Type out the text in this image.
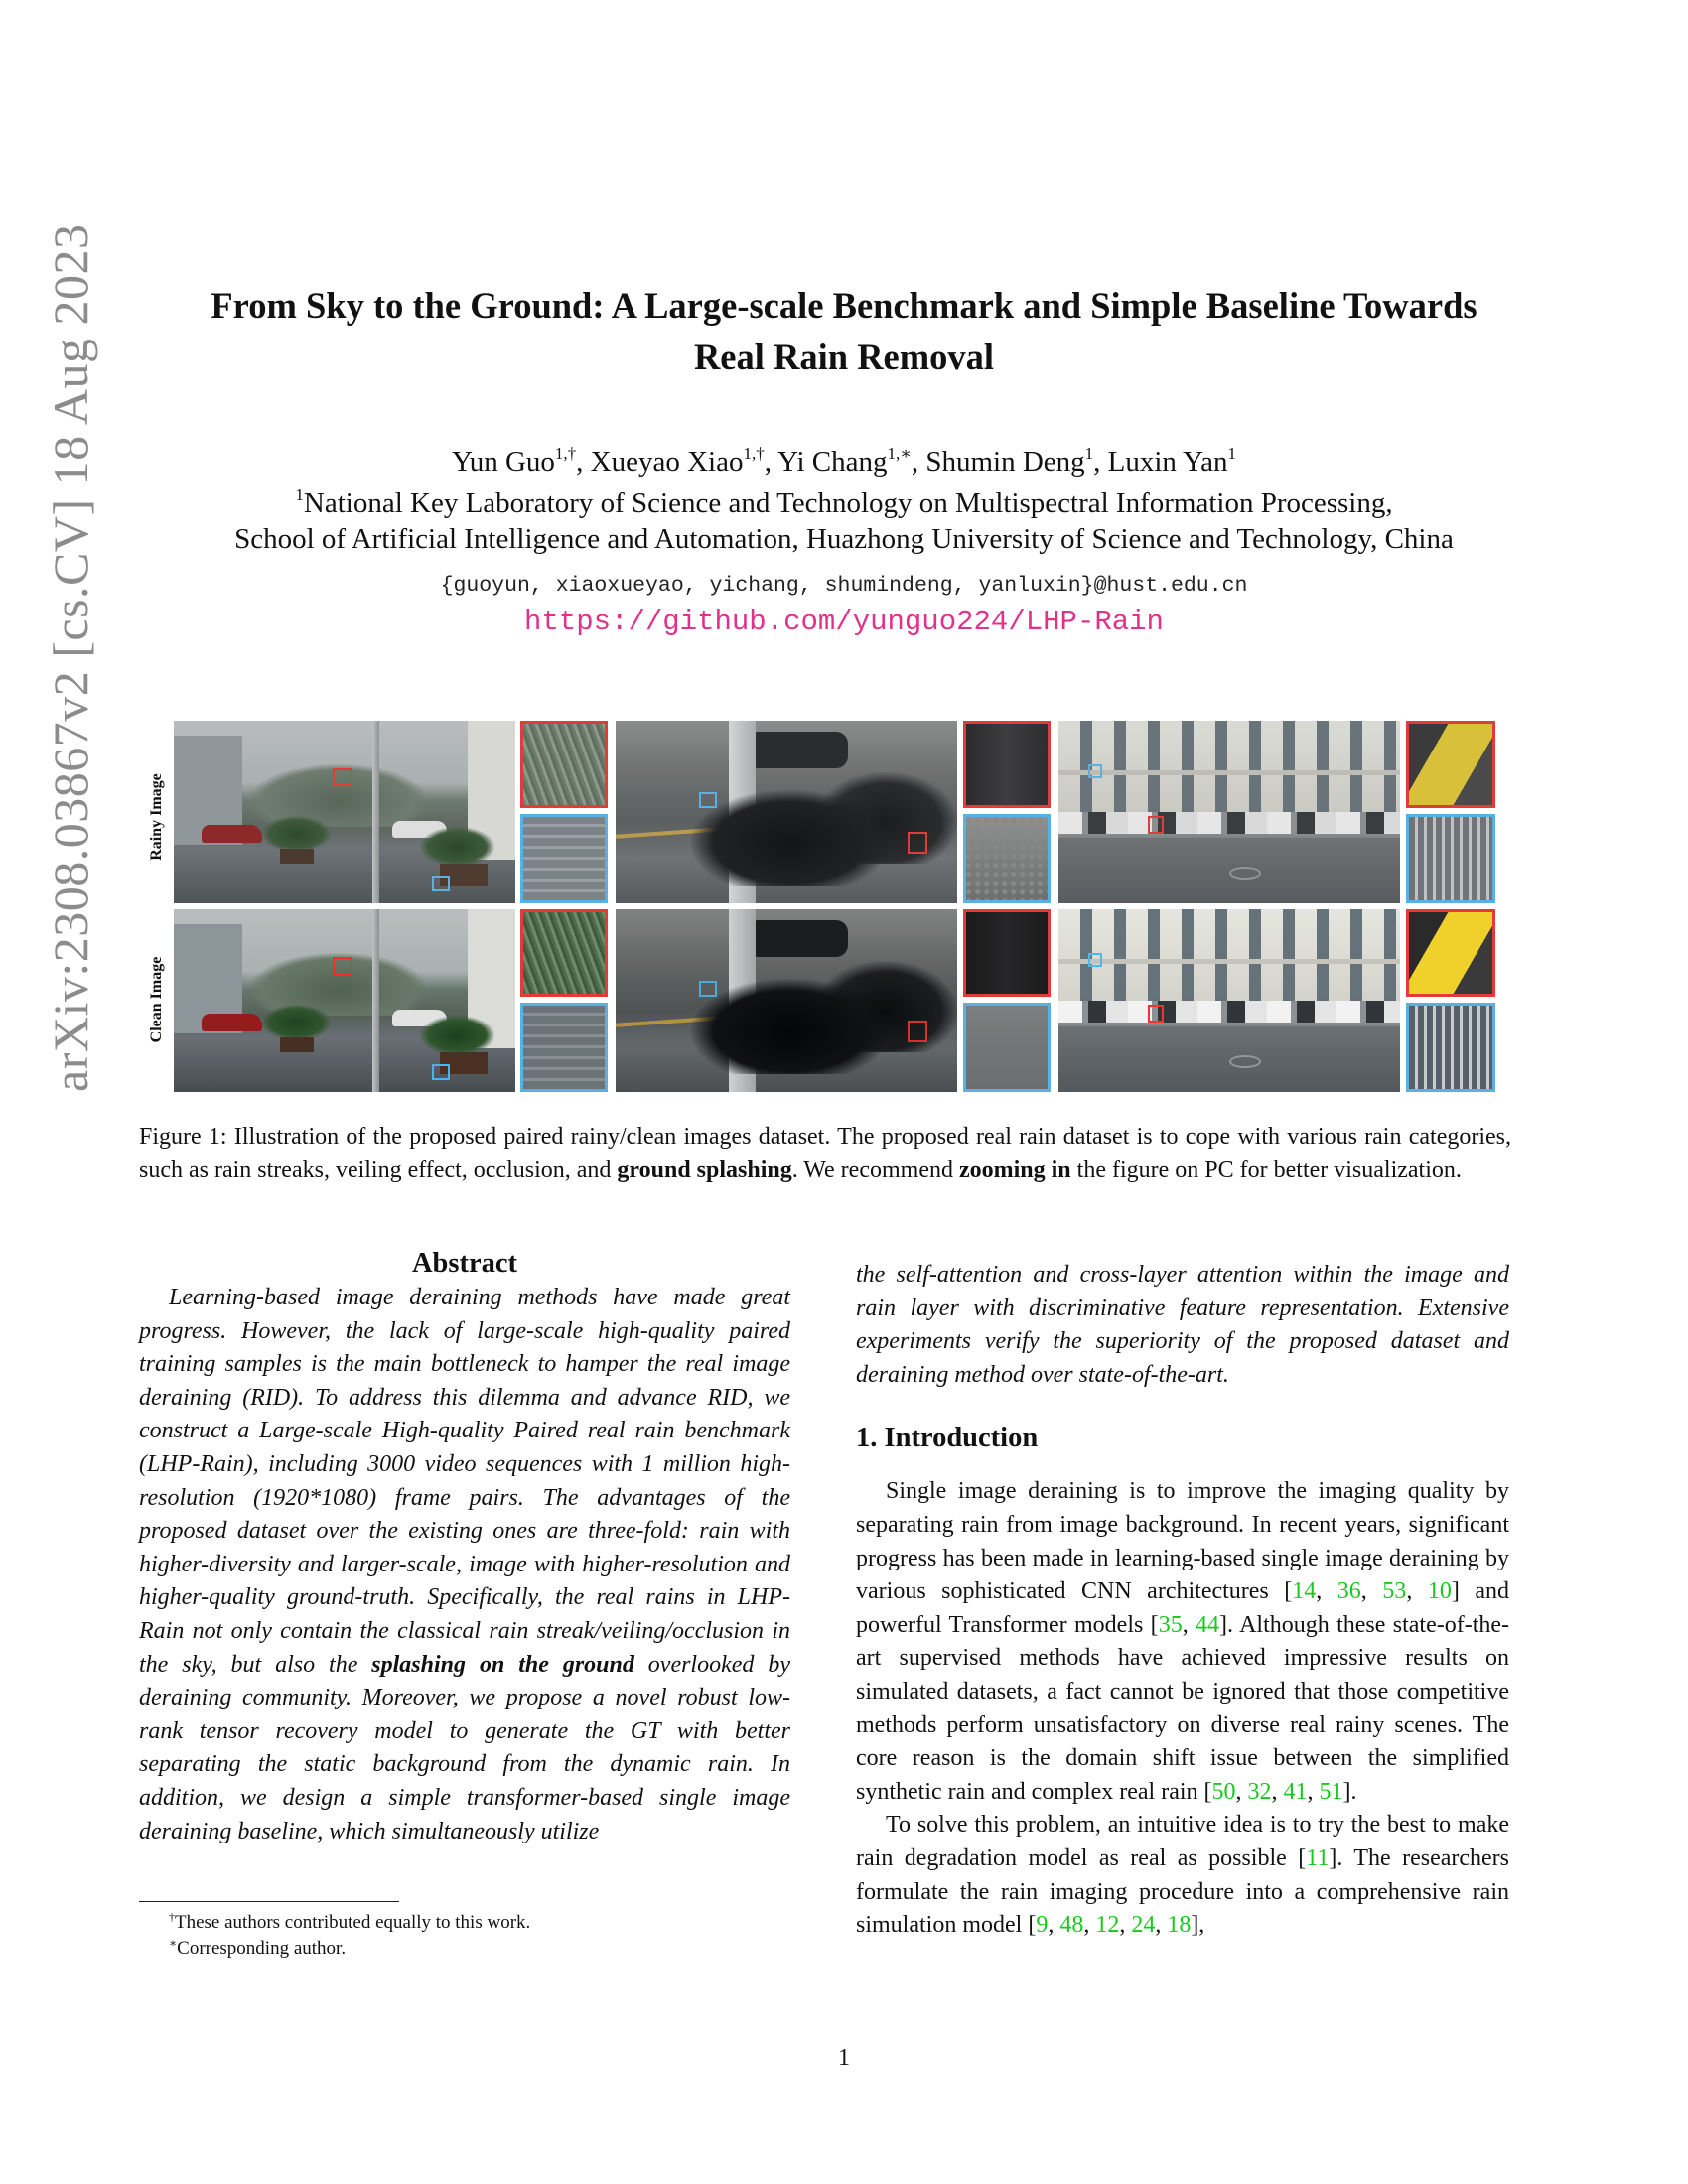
arXiv:2308.03867v2 [cs.CV] 18 Aug 2023	From Sky to the Ground: A Large-scale Benchmark and Simple Baseline Towards
Real Rain Removal
Yun Guo$^{1,\dagger}$, Xueyao Xiao$^{1,\dagger}$, Yi Chang$^{1,∗}$, Shumin Deng$^1$, Luxin Yan$^1$
$^1$National Key Laboratory of Science and Technology on Multispectral Information Processing,
School of Artificial Intelligence and Automation, Huazhong University of Science and Technology, China
{guoyun, xiaoxueyao, yichang, shumindeng, yanluxin}@hust.edu.cn
https://github.com/yunguo224/LHP-Rain
Rainy Image
Clean Image
Figure 1: Illustration of the proposed paired rainy/clean images dataset. The proposed real rain dataset is to cope with various rain categories, such as rain streaks, veiling effect, occlusion, and ground splashing. We recommend zooming in the figure on PC for better visualization.
Abstract

Learning-based image deraining methods have made great progress. However, the lack of large-scale high-quality paired training samples is the main bottleneck to hamper the real image deraining (RID). To address this dilemma and advance RID, we construct a Large-scale High-quality Paired real rain benchmark (LHP-Rain), including 3000 video sequences with 1 million high-resolution (1920*1080) frame pairs. The advantages of the proposed dataset over the existing ones are three-fold: rain with higher-diversity and larger-scale, image with higher-resolution and higher-quality ground-truth. Specifically, the real rains in LHP-Rain not only contain the classical rain streak/veiling/occlusion in the sky, but also the splashing on the ground overlooked by deraining community. Moreover, we propose a novel robust low-rank tensor recovery model to generate the GT with better separating the static background from the dynamic rain. In addition, we design a simple transformer-based single image deraining baseline, which simultaneously utilize

the self-attention and cross-layer attention within the image and rain layer with discriminative feature representation. Extensive experiments verify the superiority of the proposed dataset and deraining method over state-of-the-art.

1. Introduction

Single image deraining is to improve the imaging quality by separating rain from image background. In recent years, significant progress has been made in learning-based single image deraining by various sophisticated CNN architectures [14, 36, 53, 10] and powerful Transformer models [35, 44]. Although these state-of-the-art supervised methods have achieved impressive results on simulated datasets, a fact cannot be ignored that those competitive methods perform unsatisfactory on diverse real rainy scenes. The core reason is the domain shift issue between the simplified synthetic rain and complex real rain [50, 32, 41, 51].

To solve this problem, an intuitive idea is to try the best to make rain degradation model as real as possible [11]. The researchers formulate the rain imaging procedure into a comprehensive rain simulation model [9, 48, 12, 24, 18],

†These authors contributed equally to this work.
∗Corresponding author.
1
